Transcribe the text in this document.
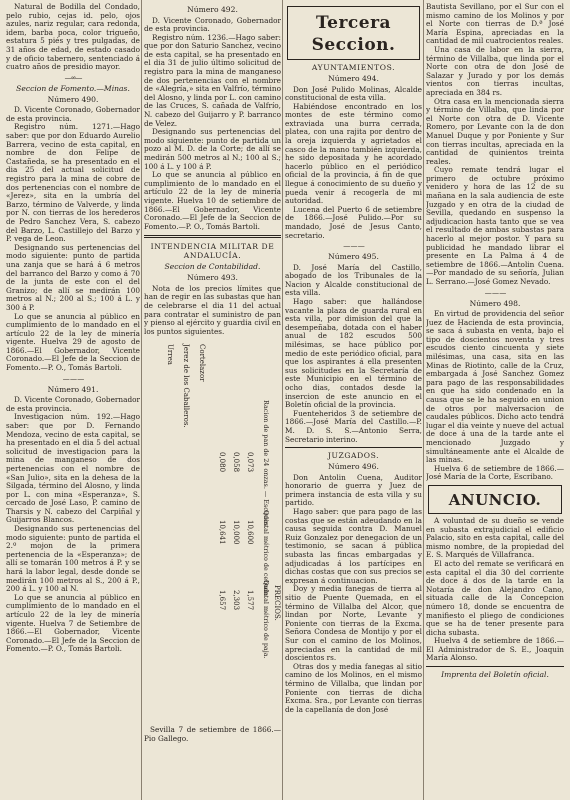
Natural de Bodilla del Condado, pelo rubio, cejas id. pelo, ojos azules, nariz regular, cara redonda, idem, barba poca, color trigueño, estatura 5 piés y tres pulgadas, de 31 años de edad, de estado casado y de oficio tabernero, sentenciado á cuatro años de presidio mayor.

—∞—
Seccion de Fomento.—Minas.
Número 490.

D. Vicente Coronado, Gobernador de esta provincia.

Registro núm. 1271.—Hago saber: que por don Eduardo Aurelio Barrera, vecino de esta capital, en nombre de don Felipe de Castañeda, se ha presentado en el dia 25 del actual solicitud de registro para la mina de cobre de dos pertenencias con el nombre de «Jerez», sita en la umbría del Barzo, término de Valverde, y linda por N. con tierras de los herederos de Pedro Sanchez Vera, S. cabezo del Barzo, L. Castillejo del Barzo y P. vega de Leon.

Designando sus pertenencias del modo siguiente: punto de partida una zanja que se hará á 6 metros del barranco del Barzo y como á 70 de la junta de este con el del Granizo; de allí se medirán 100 metros al N.; 200 al S.; 100 á L. y 300 á P.

Lo que se anuncia al público en cumplimiento de lo mandado en el artículo 22 de la ley de minería vigente. Huelva 29 de agosto de 1866.—El Gobernador, Vicente Coronado.—El Jefe de la Seccion de Fomento.—P. O., Tomás Bartoli.

— — —
Número 491.

D. Vicente Coronado, Gobernador de esta provincia.

Investigacion núm. 192.—Hago saber: que por D. Fernando Mendoza, vecino de esta capital, se ha presentado en el dia 5 del actual solicitud de investigacion para la mina de manganeso de dos pertenencias con el nombre de «San Julio», sita en la dehesa de la Silgada, término del Alosno, y linda por L. con mina «Esperanza», S. cercado de José Laso, P. camino de Tharsis y N. cabezo del Carpiñal y Guijarros Blancos.

Designando sus pertenencias del modo siguiente: punto de partida el 2.º mojon de la primera pertenencia de la «Esperanza»; de allí se tomarán 100 metros á P. y se hará la labor legal, desde donde se medirán 100 metros al S., 200 á P., 200 á L. y 100 al N.

Lo que se anuncia al público en cumplimiento de lo mandado en el artículo 22 de la ley de minería vigente. Huelva 7 de Setiembre de 1866.—El Gobernador, Vicente Coronado.—El Jefe de la Seccion de Fomento.—P. O., Tomás Bartoli.

Número 492.

D. Vicente Coronado, Gobernador de esta provincia.

Registro núm. 1236.—Hago saber: que por don Saturio Sanchez, vecino de esta capital, se ha presentado en el dia 31 de julio último solicitud de registro para la mina de manganeso de dos pertenencias con el nombre de «Alegría,» sita en Valfrío, término del Alosno, y linda por L. con camino de las Cruces, S. cañada de Valfrío, N. cabezo del Guijarro y P. barranco de Velez.

Designando sus pertenencias del modo siguiente: punto de partida un pozo al M. D. de la Corte; de allí se medirán 500 metros al N.; 100 al S.; 100 á L. y 100 á P.

Lo que se anuncia al público en cumplimiento de lo mandado en el artículo 22 de la ley de minería vigente. Huelva 10 de setiembre de 1866.—El Gobernador, Vicente Coronado.—El Jefe de la Seccion de Fomento.—P. O., Tomás Bartoli.

INTENDENCIA MILITAR DE ANDALUCÍA.
Seccion de Contabilidad.
Número 493.

Nota de los precios límites que han de regir en las subastas que han de celebrarse el dia 11 del actual para contratar el suministro de pan y pienso al ejército y guardia civil en los puntos siguientes.

Urrea Jerez de los Caballeros. Cortelazor
0,080
10,641
1,657
0,058
10,000
2,303
0,073
10,600
1,577
Racion de pan de 24 onzas. — Escudos.
Quintal métrico de cebada.
Quintal métrico de paja. PRECIOS.

Sevilla 7 de setiembre de 1866.—Pio Gallego.

Tercera Seccion.
AYUNTAMIENTOS.
Número 494.

Don José Pulido Molinas, Alcalde constitucional de esta villa.

Habiéndose encontrado en los montes de este término como extraviada una burra cerrada, platea, con una rajita por dentro de la oreja izquierda y agrietados el casco de la mano también izquierda, he sido depositada y he acordado hacerlo público en el periódico oficial de la provincia, á fin de que llegue á conocimiento de su dueño y pueda venir á recogerla de mi autoridad.

Lucena del Puerto 6 de setiembre de 1866.—José Pulido.—Por su mandado, José de Jesus Canto, secretario.

— — —
Número 495.

D. José María del Castillo, abogado de los Tribunales de la Nacion y Alcalde constitucional de esta villa.

Hago saber: que hallándose vacante la plaza de guarda rural en esta villa, por dimision del que la desempeñaba, dotada con el haber anual de 182 escudos 500 milésimas, se hace público por medio de este periódico oficial, para que los aspirantes á ella presenten sus solicitudes en la Secretaría de este Municipio en el término de ocho dias, contados desde la insercion de este anuncio en el Boletín oficial de la provincia.

Fuenteheridos 3 de setiembre de 1866.—José María del Castillo.—P. M. D. S. S.—Antonio Serra, Secretario interino.

JUZGADOS.
Número 496.

Don Antolin Cuena, Auditor honorario de guerra y Juez de primera instancia de esta villa y su partido.

Hago saber: que para pago de las costas que se están adeudando en la causa seguida contra D. Manuel Ruiz Gonzalez por denegacion de un testimonio, se sacan á pública subasta las fincas embargadas y adjudicadas á los partícipes en dichas costas que con sus precios se expresan á continuacion.

Doy y media fanegas de tierra al sitio de Puente Quemada, en el término de Villalba del Alcor, que lindan por Norte, Levante y Poniente con tierras de la Excma. Señora Condesa de Montijo y por el Sur con el camino de los Molinos, apreciadas en la cantidad de mil doscientos rs.

Otras dos y media fanegas al sitio camino de los Molinos, en el mismo término de Villalba, que lindan por Poniente con tierras de dicha Excma. Sra., por Levante con tierras de la capellanía de don José

Bautista Sevillano, por el Sur con el mismo camino de los Molinos y por el Norte con tierras de D.ª José María Espina, apreciadas en la cantidad de mil cuatrocientos reales.

Una casa de labor en la sierra, término de Villalba, que linda por el Norte con otra de don José de Salazar y Jurado y por los demás vientos con tierras incultas, apreciada en 384 rs.

Otra casa en la mencionada sierra y término de Villalba, que linda por el Norte con otra de D. Vicente Romero, por Levante con la de don Manuel Duque y por Poniente y Sur con tierras incultas, apreciada en la cantidad de quinientos treinta reales.

Cuyo remate tendrá lugar el primero de octubre próximo venidero y hora de las 12 de su mañana en la sala audiencia de este Juzgado y en otra de la ciudad de Sevilla, quedando en suspenso la adjudicacion hasta tanto que se vea el resultado de ambas subastas para hacerlo al mejor postor. Y para su publicidad he mandado librar el presente en La Palma á 4 de setiembre de 1866.—Antolin Cuena.—Por mandado de su señoría, Julian L. Serrano.—José Gomez Nevado.

— — —
Número 498.

En virtud de providencia del señor Juez de Hacienda de esta provincia, se saca á subasta en venta, bajo el tipo de doscientos noventa y tres escudos ciento cincuenta y siete milésimas, una casa, sita en las Minas de Riotinto, calle de la Cruz, embargada á José Sanchez Gomez para pago de las responsabilidades en que ha sido condenado en la causa que se le ha seguido en union de otros por malversacion de caudales públicos. Dicho acto tendrá lugar el dia veinte y nueve del actual de doce á una de la tarde ante el mencionado Juzgado y simultáneamente ante el Alcalde de las minas.

Huelva 6 de setiembre de 1866.—José María de la Corte, Escribano.

ANUNCIO.

A voluntad de su dueño se vende en subasta extrajudicial el edificio Palacio, sito en esta capital, calle del mismo nombre, de la propiedad del E. S. Marqués de Villafranca.

El acto del remate se verificará en esta capital el dia 30 del corriente de doce á dos de la tarde en la Notaría de don Alejandro Cano, situada calle de la Concepcion número 18, donde se encuentra de manifiesto el pliego de condiciones que se ha de tener presente para dicha subasta.

Huelva 4 de setiembre de 1866.—El Administrador de S. E., Joaquin María Alonso.

Imprenta del Boletín oficial.
